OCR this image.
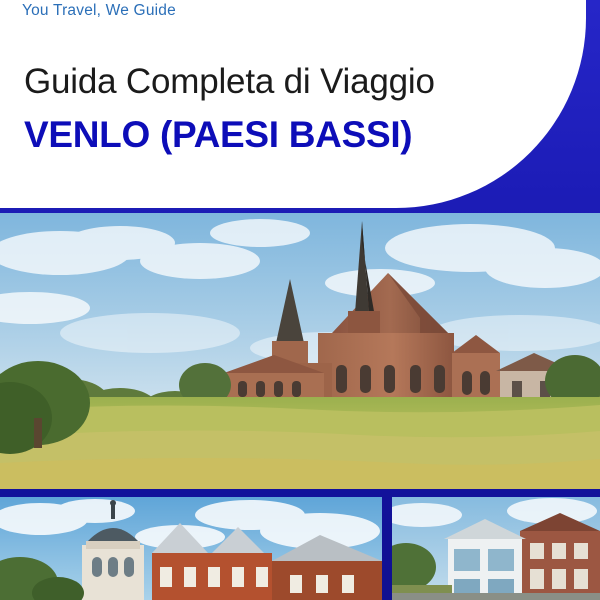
You Travel, We Guide
Guida Completa di Viaggio
VENLO (PAESI BASSI)
